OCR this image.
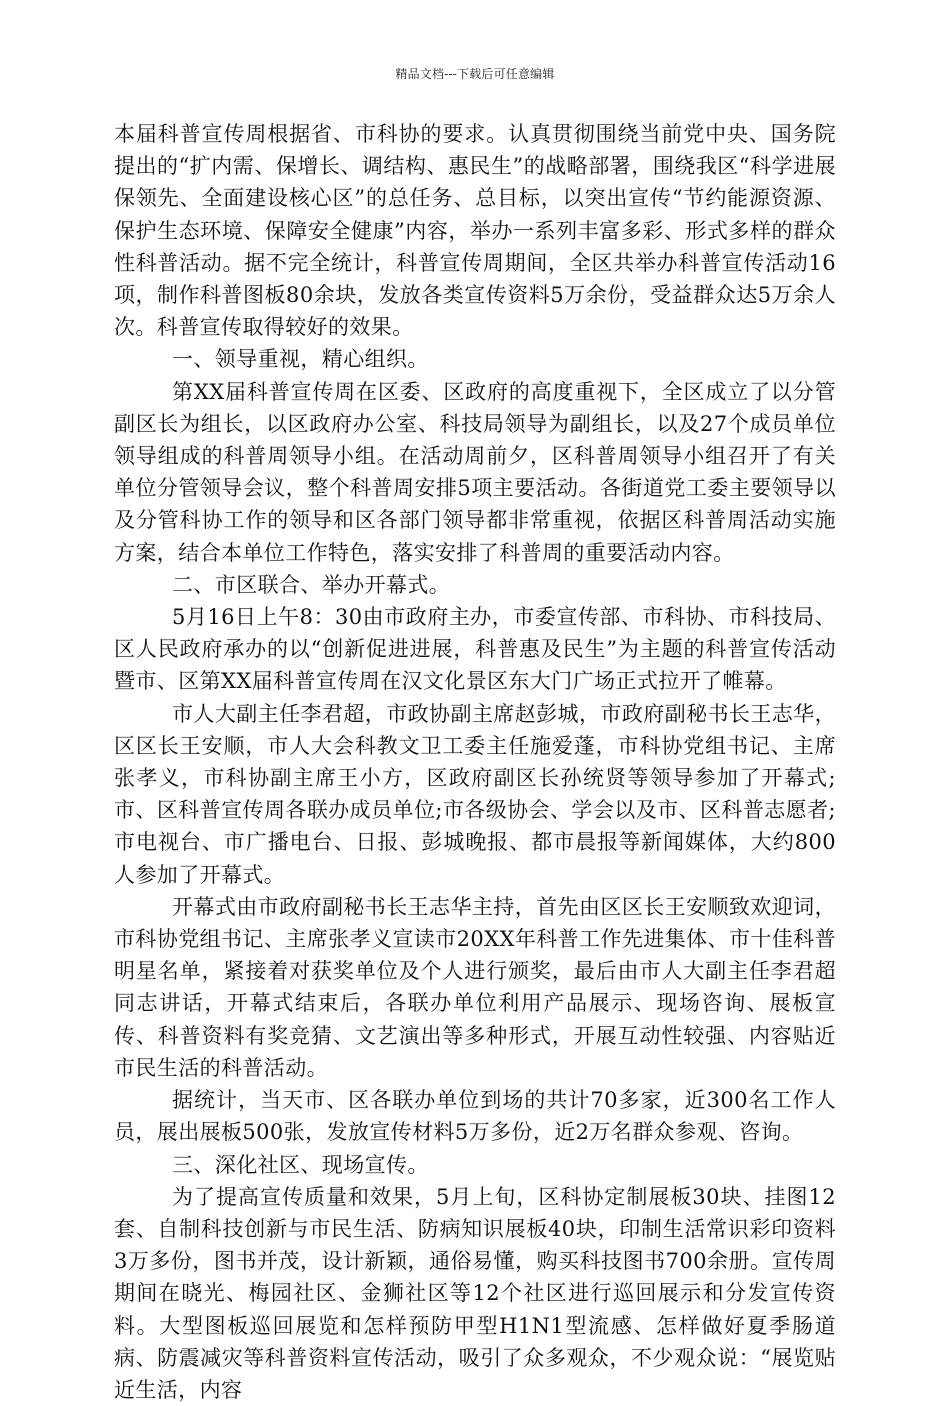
精品文档---下载后可任意编辑

本届科普宣传周根据省、市科协的要求。认真贯彻围绕当前党中央、国务院提出的“扩内需、保增长、调结构、惠民生”的战略部署，围绕我区“科学进展保领先、全面建设核心区”的总任务、总目标，以突出宣传“节约能源资源、保护生态环境、保障安全健康”内容，举办一系列丰富多彩、形式多样的群众性科普活动。据不完全统计，科普宣传周期间，全区共举办科普宣传活动16项，制作科普图板80余块，发放各类宣传资料5万余份，受益群众达5万余人次。科普宣传取得较好的效果。

一、领导重视，精心组织。

第XX届科普宣传周在区委、区政府的高度重视下，全区成立了以分管副区长为组长，以区政府办公室、科技局领导为副组长，以及27个成员单位领导组成的科普周领导小组。在活动周前夕，区科普周领导小组召开了有关单位分管领导会议，整个科普周安排5项主要活动。各街道党工委主要领导以及分管科协工作的领导和区各部门领导都非常重视，依据区科普周活动实施方案，结合本单位工作特色，落实安排了科普周的重要活动内容。

二、市区联合、举办开幕式。

5月16日上午8：30由市政府主办，市委宣传部、市科协、市科技局、区人民政府承办的以“创新促进进展，科普惠及民生”为主题的科普宣传活动暨市、区第XX届科普宣传周在汉文化景区东大门广场正式拉开了帷幕。

市人大副主任李君超，市政协副主席赵彭城，市政府副秘书长王志华，区区长王安顺，市人大会科教文卫工委主任施爱蓬，市科协党组书记、主席张孝义，市科协副主席王小方，区政府副区长孙统贤等领导参加了开幕式;市、区科普宣传周各联办成员单位;市各级协会、学会以及市、区科普志愿者;市电视台、市广播电台、日报、彭城晚报、都市晨报等新闻媒体，大约800人参加了开幕式。

开幕式由市政府副秘书长王志华主持，首先由区区长王安顺致欢迎词，市科协党组书记、主席张孝义宣读市20XX年科普工作先进集体、市十佳科普明星名单，紧接着对获奖单位及个人进行颁奖，最后由市人大副主任李君超同志讲话，开幕式结束后，各联办单位利用产品展示、现场咨询、展板宣传、科普资料有奖竞猜、文艺演出等多种形式，开展互动性较强、内容贴近市民生活的科普活动。

据统计，当天市、区各联办单位到场的共计70多家，近300名工作人员，展出展板500张，发放宣传材料5万多份，近2万名群众参观、咨询。

三、深化社区、现场宣传。

为了提高宣传质量和效果，5月上旬，区科协定制展板30块、挂图12套、自制科技创新与市民生活、防病知识展板40块，印制生活常识彩印资料3万多份，图书并茂，设计新颖，通俗易懂，购买科技图书700余册。宣传周期间在晓光、梅园社区、金狮社区等12个社区进行巡回展示和分发宣传资料。大型图板巡回展览和怎样预防甲型H1N1型流感、怎样做好夏季肠道病、防震减灾等科普资料宣传活动，吸引了众多观众，不少观众说：“展览贴近生活，内容
